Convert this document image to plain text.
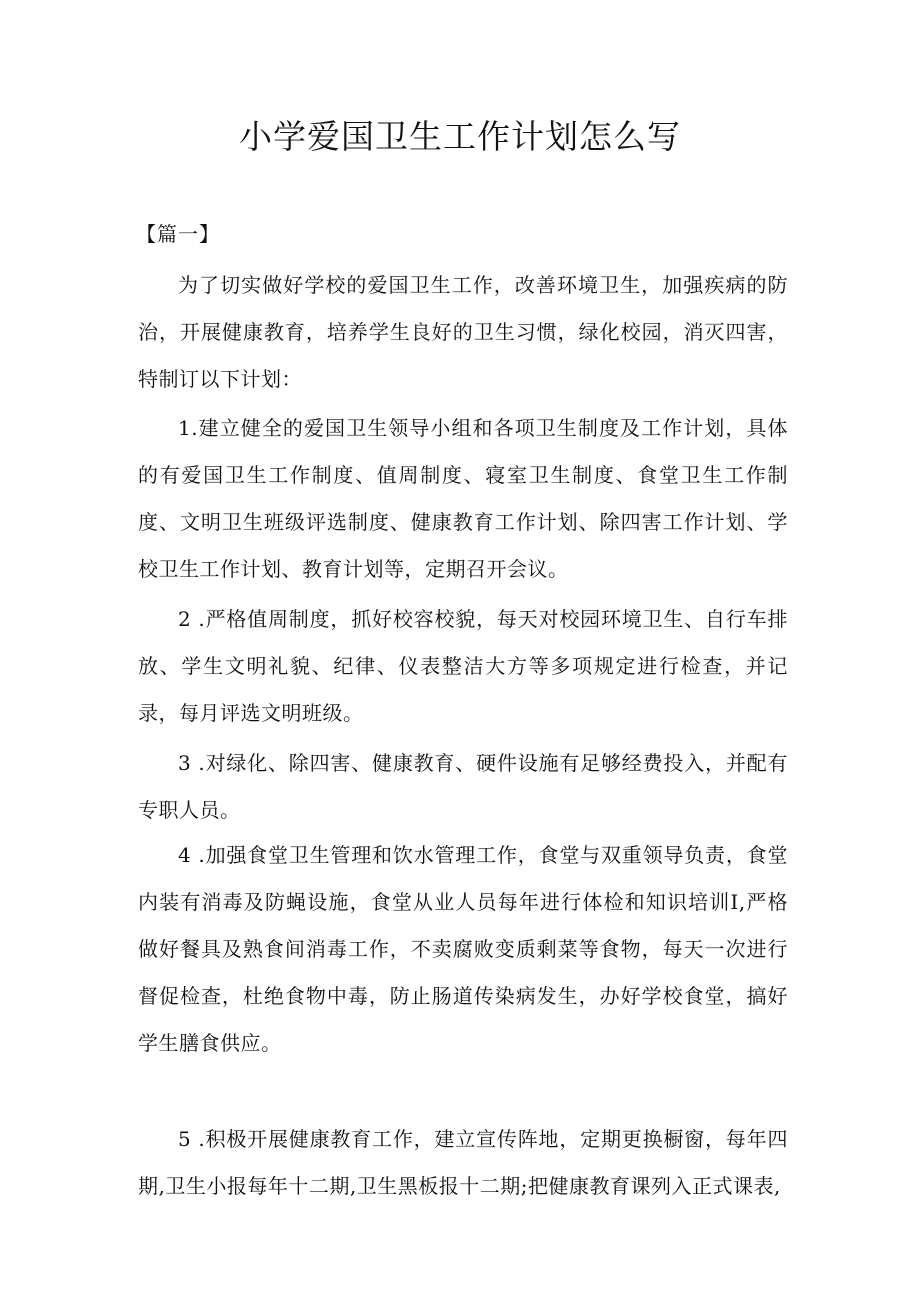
小学爱国卫生工作计划怎么写

【篇一】

为了切实做好学校的爱国卫生工作，改善环境卫生，加强疾病的防治，开展健康教育，培养学生良好的卫生习惯，绿化校园，消灭四害，特制订以下计划：

1.建立健全的爱国卫生领导小组和各项卫生制度及工作计划，具体的有爱国卫生工作制度、值周制度、寝室卫生制度、食堂卫生工作制度、文明卫生班级评选制度、健康教育工作计划、除四害工作计划、学校卫生工作计划、教育计划等，定期召开会议。

2 .严格值周制度，抓好校容校貌，每天对校园环境卫生、自行车排放、学生文明礼貌、纪律、仪表整洁大方等多项规定进行检查，并记录，每月评选文明班级。

3 .对绿化、除四害、健康教育、硬件设施有足够经费投入，并配有专职人员。

4 .加强食堂卫生管理和饮水管理工作，食堂与双重领导负责，食堂内装有消毒及防蝇设施，食堂从业人员每年进行体检和知识培训I,严格做好餐具及熟食间消毒工作，不卖腐败变质剩菜等食物，每天一次进行督促检查，杜绝食物中毒，防止肠道传染病发生，办好学校食堂，搞好学生膳食供应。

5 .积极开展健康教育工作，建立宣传阵地，定期更换橱窗，每年四期,卫生小报每年十二期,卫生黑板报十二期;把健康教育课列入正式课表,
